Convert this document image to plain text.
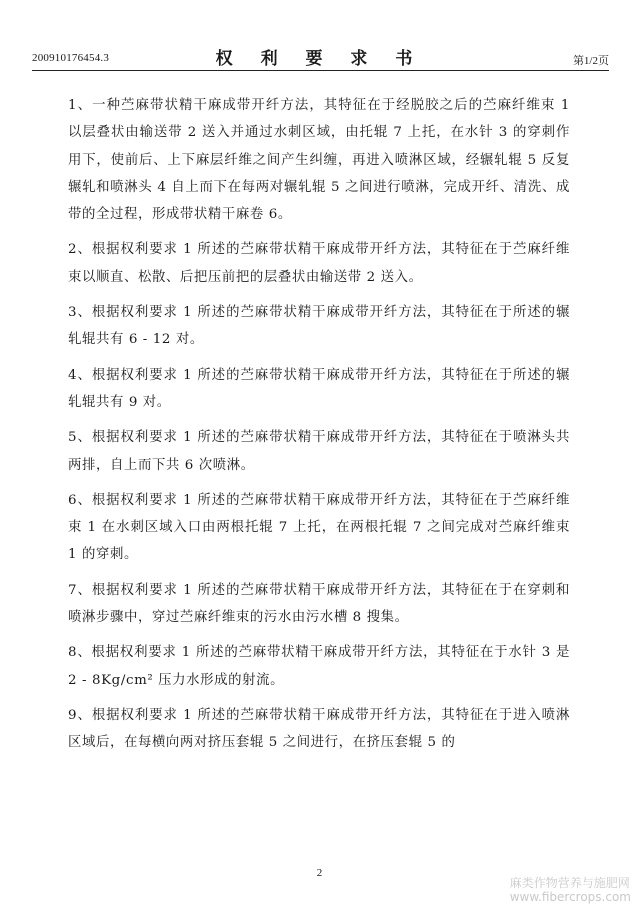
200910176454.3	权 利 要 求 书	第1/2页

1、一种苎麻带状精干麻成带开纤方法，其特征在于经脱胶之后的苎麻纤维束 1 以层叠状由输送带 2 送入并通过水刺区域，由托辊 7 上托，在水针 3 的穿刺作用下，使前后、上下麻层纤维之间产生纠缠，再进入喷淋区域，经辗轧辊 5 反复辗轧和喷淋头 4 自上而下在每两对辗轧辊 5 之间进行喷淋，完成开纤、清洗、成带的全过程，形成带状精干麻卷 6。

2、根据权利要求 1 所述的苎麻带状精干麻成带开纤方法，其特征在于苎麻纤维束以顺直、松散、后把压前把的层叠状由输送带 2 送入。

3、根据权利要求 1 所述的苎麻带状精干麻成带开纤方法，其特征在于所述的辗轧辊共有 6 - 12 对。

4、根据权利要求 1 所述的苎麻带状精干麻成带开纤方法，其特征在于所述的辗轧辊共有 9 对。

5、根据权利要求 1 所述的苎麻带状精干麻成带开纤方法，其特征在于喷淋头共两排，自上而下共 6 次喷淋。

6、根据权利要求 1 所述的苎麻带状精干麻成带开纤方法，其特征在于苎麻纤维束 1 在水刺区域入口由两根托辊 7 上托，在两根托辊 7 之间完成对苎麻纤维束 1 的穿刺。

7、根据权利要求 1 所述的苎麻带状精干麻成带开纤方法，其特征在于在穿刺和喷淋步骤中，穿过苎麻纤维束的污水由污水槽 8 搜集。

8、根据权利要求 1 所述的苎麻带状精干麻成带开纤方法，其特征在于水针 3 是 2 - 8Kg/cm² 压力水形成的射流。

9、根据权利要求 1 所述的苎麻带状精干麻成带开纤方法，其特征在于进入喷淋区域后，在每横向两对挤压套辊 5 之间进行，在挤压套辊 5 的

2
麻类作物营养与施肥网
www.fibercrops.com
